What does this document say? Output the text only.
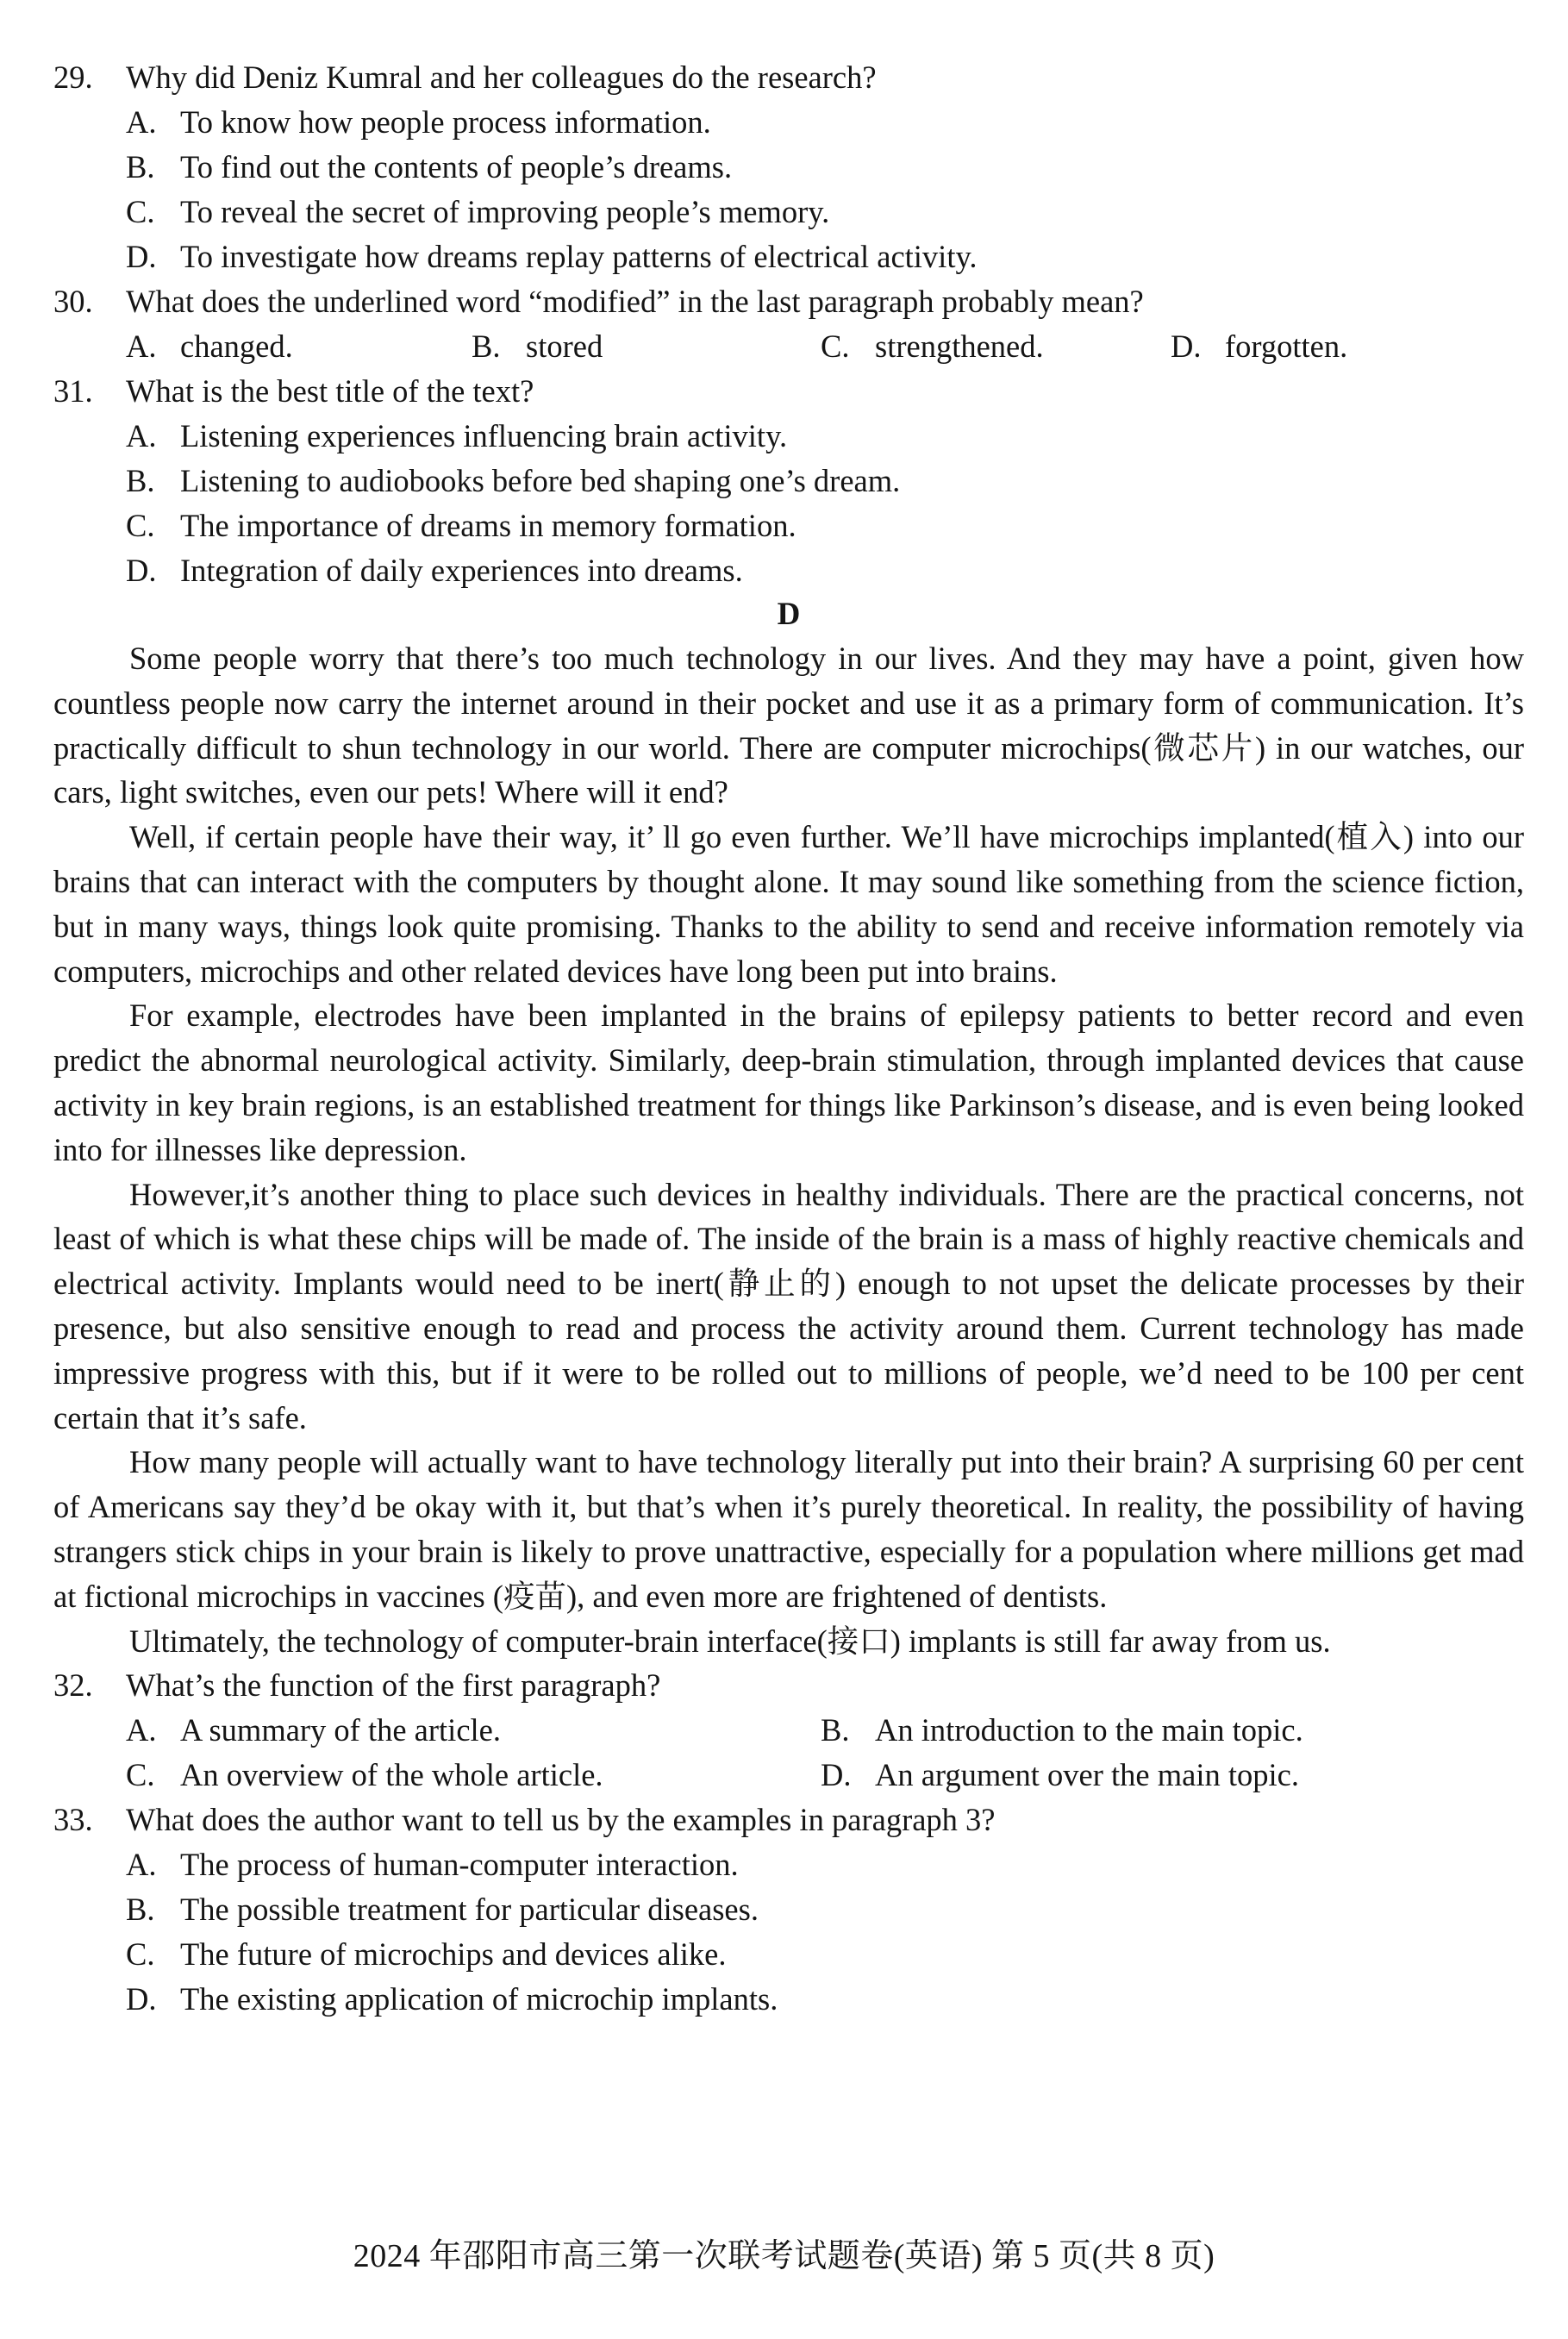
29. Why did Deniz Kumral and her colleagues do the research?
A. To know how people process information.
B. To find out the contents of people’s dreams.
C. To reveal the secret of improving people’s memory.
D. To investigate how dreams replay patterns of electrical activity.
30. What does the underlined word “modified” in the last paragraph probably mean?
A. changed.	B. stored	C. strengthened.	D. forgotten.
31. What is the best title of the text?
A. Listening experiences influencing brain activity.
B. Listening to audiobooks before bed shaping one’s dream.
C. The importance of dreams in memory formation.
D. Integration of daily experiences into dreams.
D

Some people worry that there’s too much technology in our lives. And they may have a point, given how countless people now carry the internet around in their pocket and use it as a primary form of communication. It’s practically difficult to shun technology in our world. There are computer microchips(微芯片) in our watches, our cars, light switches, even our pets! Where will it end?

Well, if certain people have their way, it’ ll go even further. We’ll have microchips implanted(植入) into our brains that can interact with the computers by thought alone. It may sound like something from the science fiction, but in many ways, things look quite promising. Thanks to the ability to send and receive information remotely via computers, microchips and other related devices have long been put into brains.

For example, electrodes have been implanted in the brains of epilepsy patients to better record and even predict the abnormal neurological activity. Similarly, deep-brain stimulation, through implanted devices that cause activity in key brain regions, is an established treatment for things like Parkinson’s disease, and is even being looked into for illnesses like depression.

However,it’s another thing to place such devices in healthy individuals. There are the practical concerns, not least of which is what these chips will be made of. The inside of the brain is a mass of highly reactive chemicals and electrical activity. Implants would need to be inert(静止的) enough to not upset the delicate processes by their presence, but also sensitive enough to read and process the activity around them. Current technology has made impressive progress with this, but if it were to be rolled out to millions of people, we’d need to be 100 per cent certain that it’s safe.

How many people will actually want to have technology literally put into their brain? A surprising 60 per cent of Americans say they’d be okay with it, but that’s when it’s purely theoretical. In reality, the possibility of having strangers stick chips in your brain is likely to prove unattractive, especially for a population where millions get mad at fictional microchips in vaccines (疫苗), and even more are frightened of dentists.

Ultimately, the technology of computer-brain interface(接口) implants is still far away from us.

32. What’s the function of the first paragraph?
A. A summary of the article.	B. An introduction to the main topic.
C. An overview of the whole article.	D. An argument over the main topic.
33. What does the author want to tell us by the examples in paragraph 3?
A. The process of human-computer interaction.
B. The possible treatment for particular diseases.
C. The future of microchips and devices alike.
D. The existing application of microchip implants.
2024 年邵阳市高三第一次联考试题卷(英语) 第 5 页(共 8 页)
